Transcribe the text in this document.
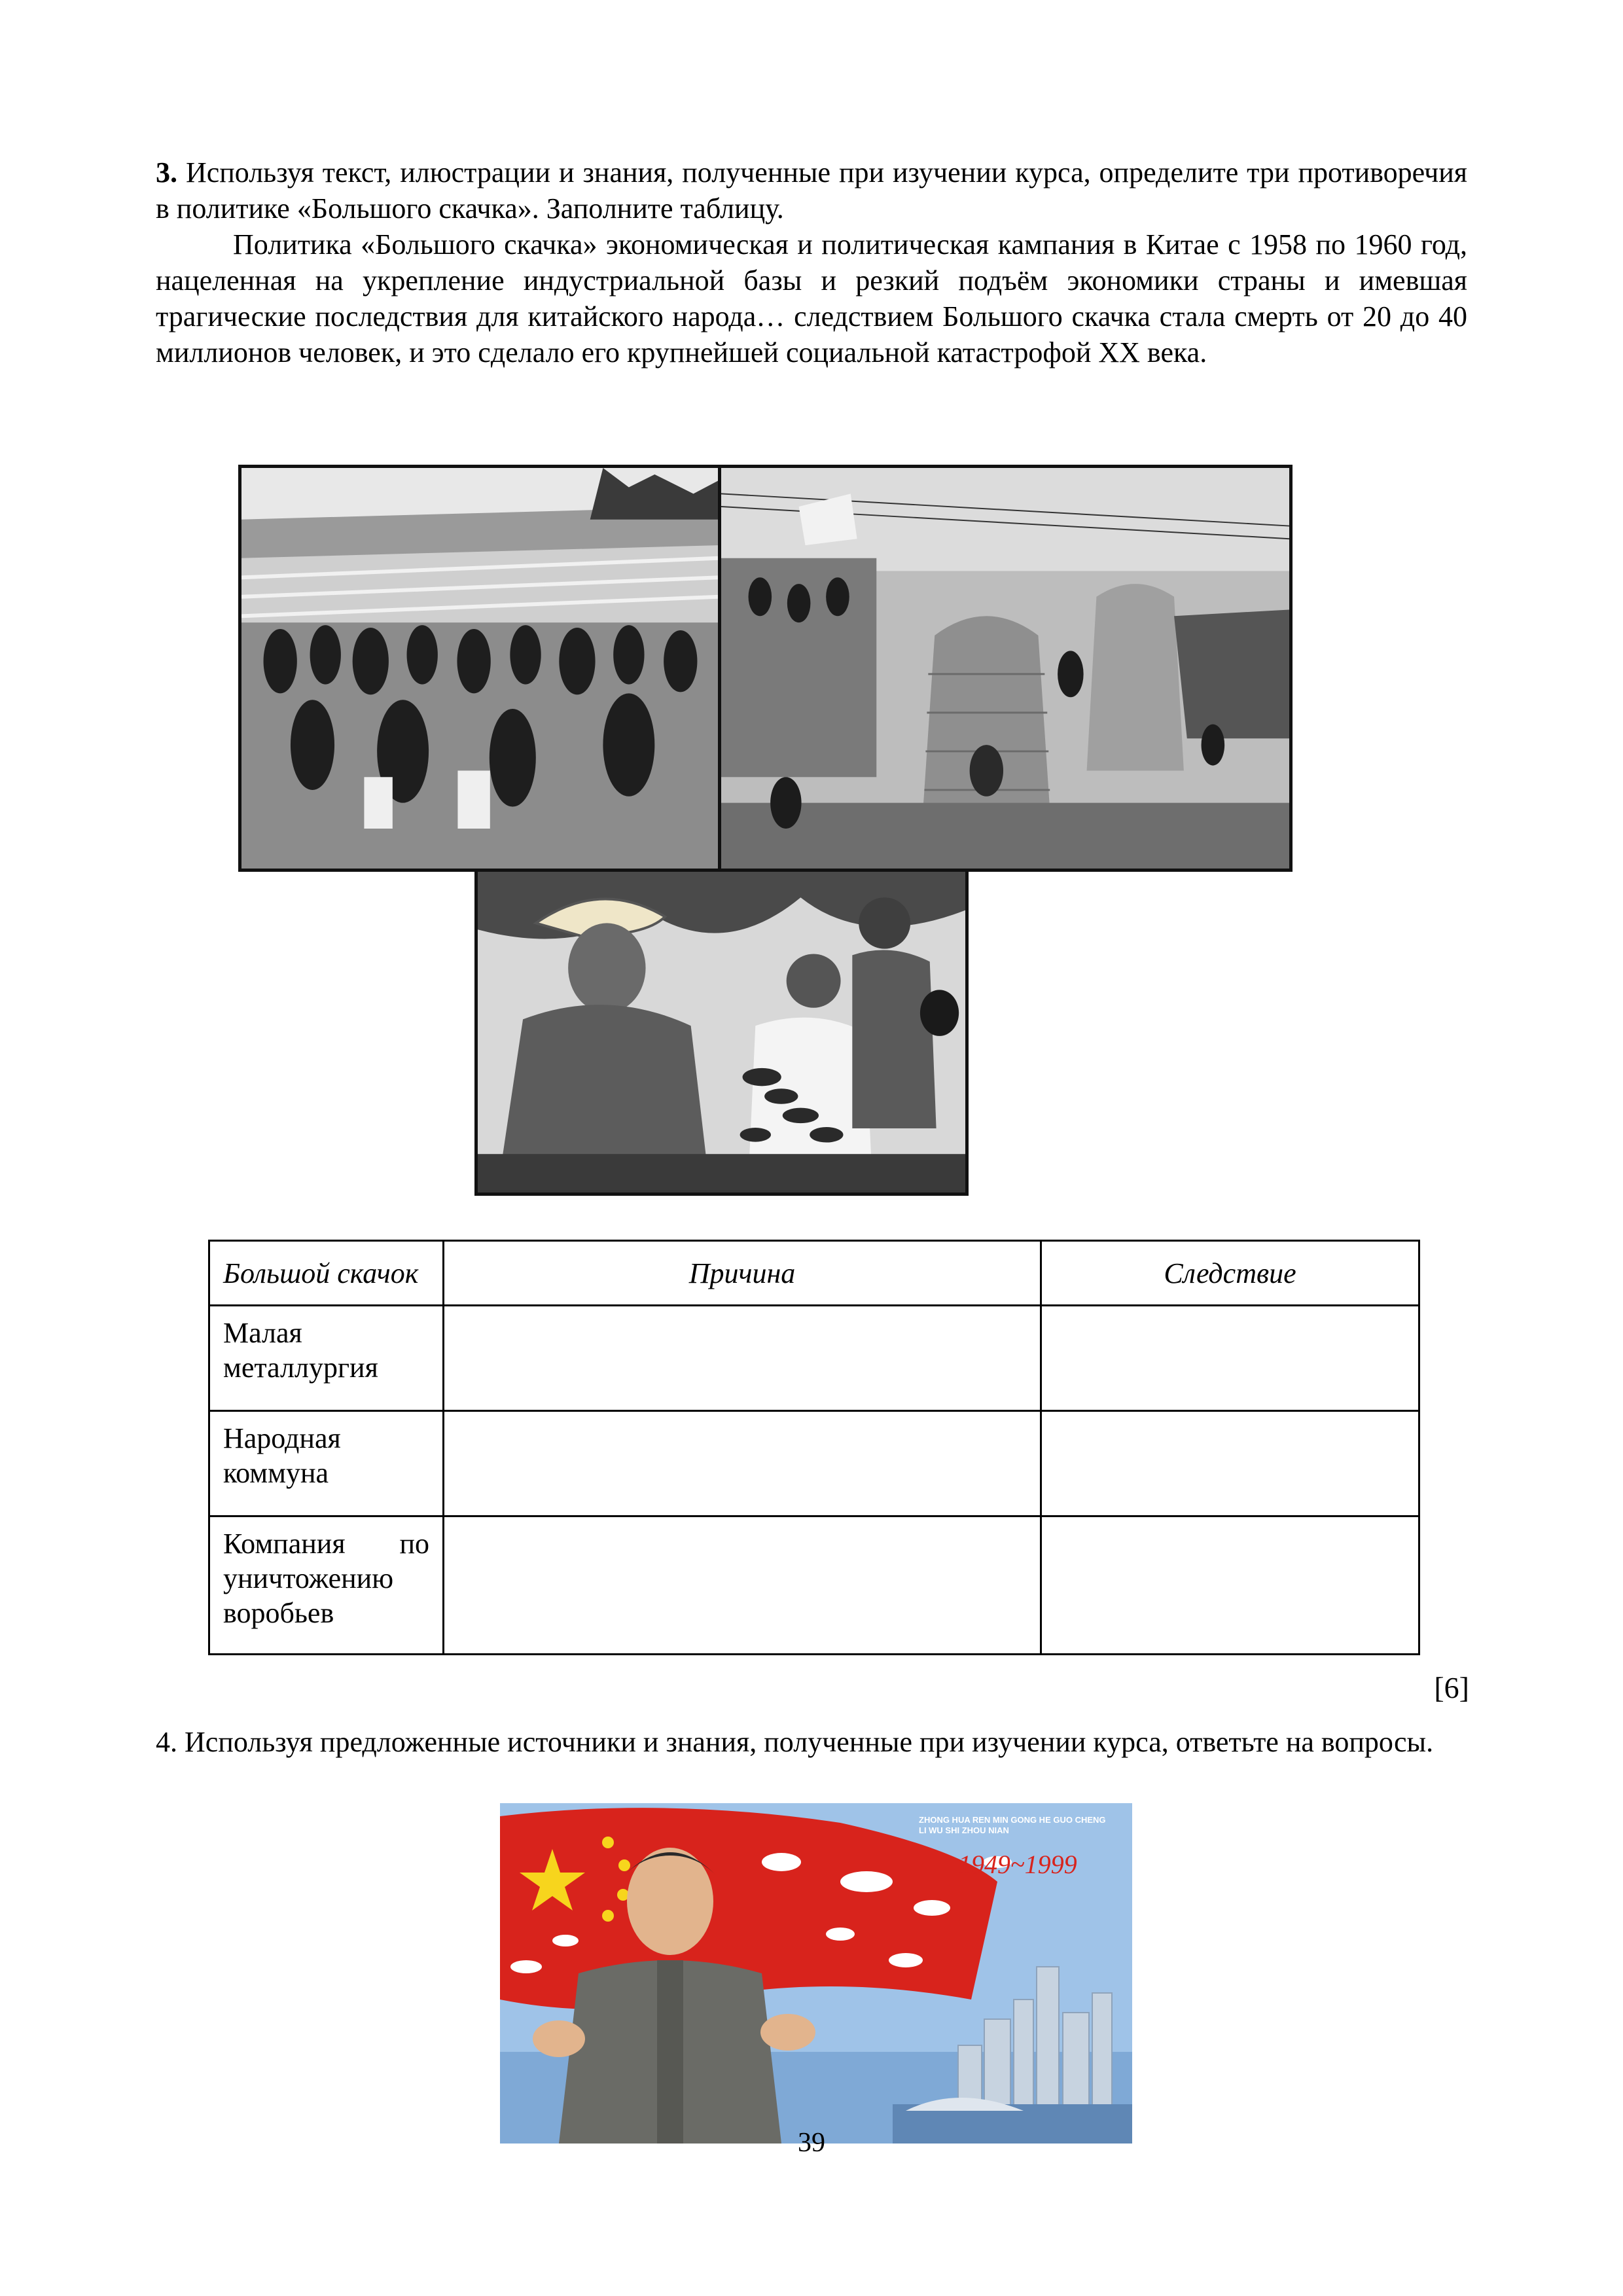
3. Используя текст, илюстрации и знания, полученные при изучении курса, определите три противоречия в политике «Большого скачка». Заполните таблицу.

Политика «Большого скачка» экономическая и политическая кампания в Китае с 1958 по 1960 год, нацеленная на укрепление индустриальной базы и резкий подъём экономики страны и имевшая трагические последствия для китайского народа… следствием Большого скачка стала смерть от 20 до 40 миллионов человек, и это сделало его крупнейшей социальной катастрофой XX века.

Большой скачок	Причина	Следствие
Малая металлургия		
Народная коммуна		
Компания по уничтожению воробьев		
[6]

4. Используя предложенные источники и знания, полученные при изучении курса, ответьте на вопросы.

ZHONG HUA REN MIN GONG HE GUO CHENG LI WU SHI ZHOU NIAN
1949~1999
39
